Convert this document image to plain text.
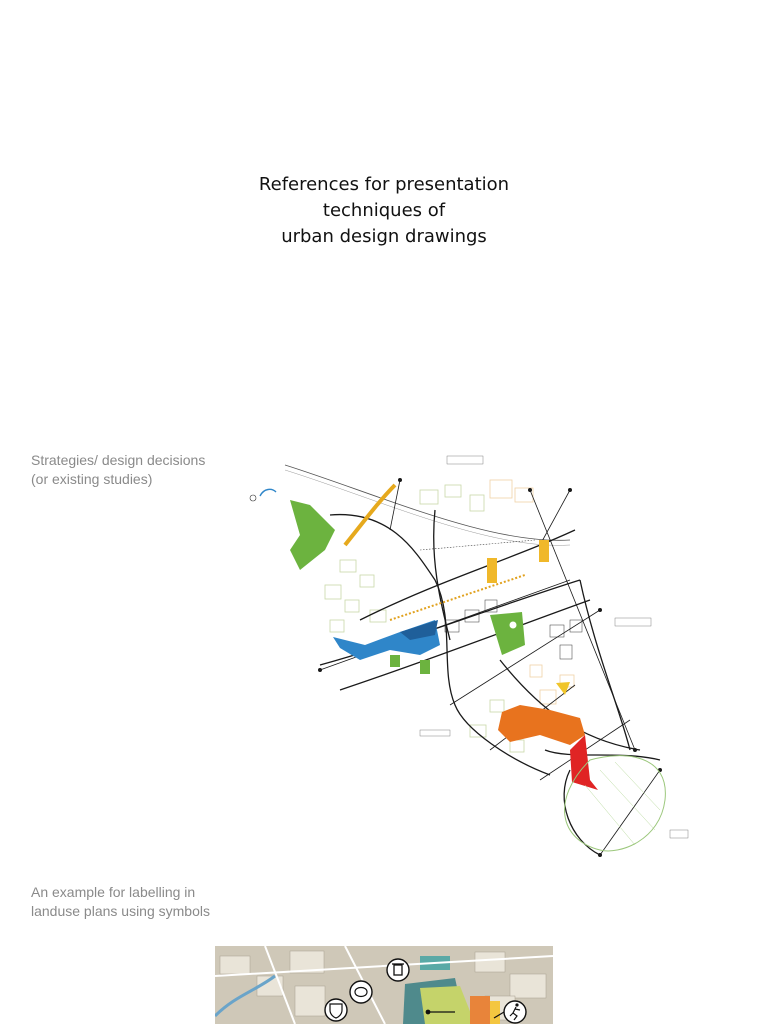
References for presentation
techniques of
urban design drawings
Strategies/ design decisions
(or existing studies)
An example for labelling in
landuse plans using symbols
